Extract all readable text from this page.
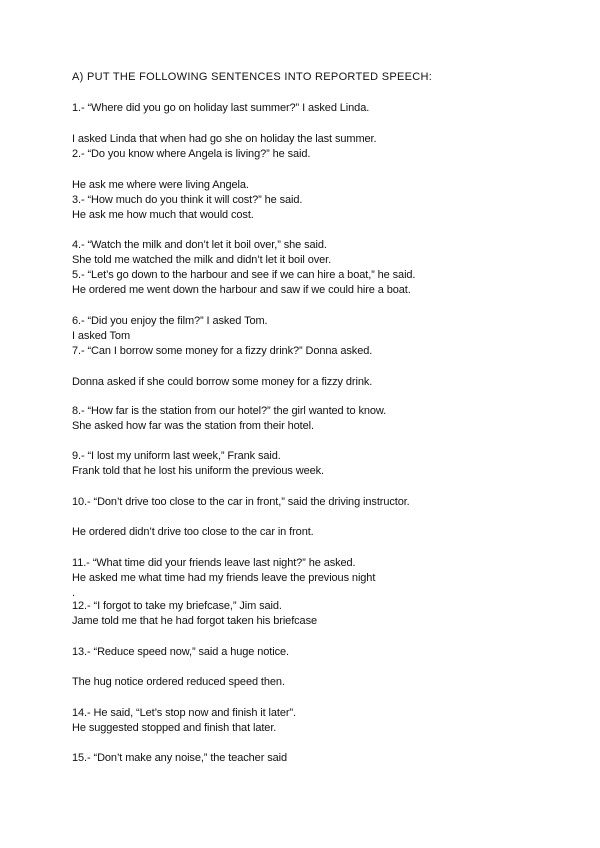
A) PUT THE FOLLOWING SENTENCES INTO REPORTED SPEECH:
1.- “Where did you go on holiday last summer?” I asked Linda.
I asked Linda that when had go she on holiday the last summer.
2.- “Do you know where Angela is living?” he said.
He ask me where were living Angela.
3.- “How much do you think it will cost?” he said.
He ask me how much that would cost.
4.- “Watch the milk and don’t let it boil over,” she said.
She told me watched the milk and didn’t let it boil over.
5.- “Let’s go down to the harbour and see if we can hire a boat,” he said.
He ordered me went down the harbour and saw if we could hire a boat.
6.- “Did you enjoy the film?” I asked Tom.
I asked Tom
7.- “Can I borrow some money for a fizzy drink?” Donna asked.
Donna asked if she could borrow some money for a fizzy drink.
8.- “How far is the station from our hotel?” the girl wanted to know.
She asked how far was the station from their hotel.
9.- “I lost my uniform last week,” Frank said.
Frank told that he lost his uniform the previous week.
10.- “Don’t drive too close to the car in front,” said the driving instructor.
He ordered didn’t drive too close to the car in front.
11.- “What time did your friends leave last night?” he asked.
He asked me what time had my friends leave the previous night
.
12.- “I forgot to take my briefcase,” Jim said.
Jame told me that he had forgot taken his briefcase
13.- “Reduce speed now,” said a huge notice.
The hug notice ordered reduced speed then.
14.- He said, “Let’s stop now and finish it later”.
He suggested stopped and finish that later.
15.- “Don’t make any noise,” the teacher said
